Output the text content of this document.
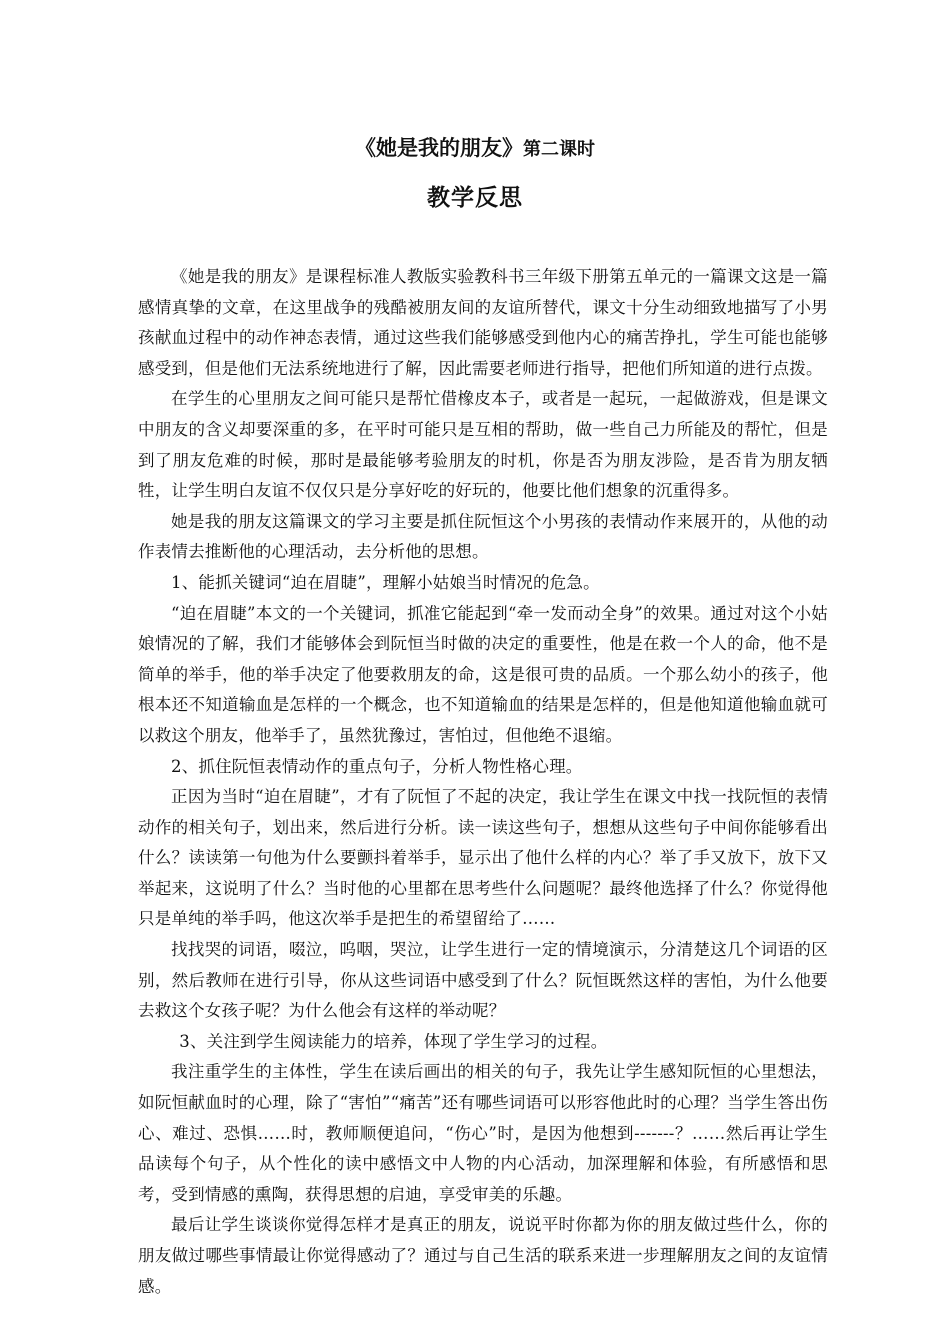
《她是我的朋友》第二课时
教学反思

《她是我的朋友》是课程标准人教版实验教科书三年级下册第五单元的一篇课文这是一篇感情真挚的文章，在这里战争的残酷被朋友间的友谊所替代，课文十分生动细致地描写了小男孩献血过程中的动作神态表情，通过这些我们能够感受到他内心的痛苦挣扎，学生可能也能够感受到，但是他们无法系统地进行了解，因此需要老师进行指导，把他们所知道的进行点拨。

在学生的心里朋友之间可能只是帮忙借橡皮本子，或者是一起玩，一起做游戏，但是课文中朋友的含义却要深重的多，在平时可能只是互相的帮助，做一些自己力所能及的帮忙，但是到了朋友危难的时候，那时是最能够考验朋友的时机，你是否为朋友涉险，是否肯为朋友牺牲，让学生明白友谊不仅仅只是分享好吃的好玩的，他要比他们想象的沉重得多。

她是我的朋友这篇课文的学习主要是抓住阮恒这个小男孩的表情动作来展开的，从他的动作表情去推断他的心理活动，去分析他的思想。

1、能抓关键词“迫在眉睫”，理解小姑娘当时情况的危急。

“迫在眉睫”本文的一个关键词，抓准它能起到“牵一发而动全身”的效果。通过对这个小姑娘情况的了解，我们才能够体会到阮恒当时做的决定的重要性，他是在救一个人的命，他不是简单的举手，他的举手决定了他要救朋友的命，这是很可贵的品质。一个那么幼小的孩子，他根本还不知道输血是怎样的一个概念，也不知道输血的结果是怎样的，但是他知道他输血就可以救这个朋友，他举手了，虽然犹豫过，害怕过，但他绝不退缩。

2、抓住阮恒表情动作的重点句子，分析人物性格心理。

正因为当时“迫在眉睫”，才有了阮恒了不起的决定，我让学生在课文中找一找阮恒的表情动作的相关句子，划出来，然后进行分析。读一读这些句子，想想从这些句子中间你能够看出什么？读读第一句他为什么要颤抖着举手，显示出了他什么样的内心？举了手又放下，放下又举起来，这说明了什么？当时他的心里都在思考些什么问题呢？最终他选择了什么？你觉得他只是单纯的举手吗，他这次举手是把生的希望留给了……

找找哭的词语，啜泣，呜咽，哭泣，让学生进行一定的情境演示，分清楚这几个词语的区别，然后教师在进行引导，你从这些词语中感受到了什么？阮恒既然这样的害怕，为什么他要去救这个女孩子呢？为什么他会有这样的举动呢？

3、关注到学生阅读能力的培养，体现了学生学习的过程。

我注重学生的主体性，学生在读后画出的相关的句子，我先让学生感知阮恒的心里想法，如阮恒献血时的心理，除了“害怕”“痛苦”还有哪些词语可以形容他此时的心理？当学生答出伤心、难过、恐惧……时，教师顺便追问，“伤心”时，是因为他想到-------？……然后再让学生品读每个句子，从个性化的读中感悟文中人物的内心活动，加深理解和体验，有所感悟和思考，受到情感的熏陶，获得思想的启迪，享受审美的乐趣。

最后让学生谈谈你觉得怎样才是真正的朋友，说说平时你都为你的朋友做过些什么，你的朋友做过哪些事情最让你觉得感动了？通过与自己生活的联系来进一步理解朋友之间的友谊情感。
